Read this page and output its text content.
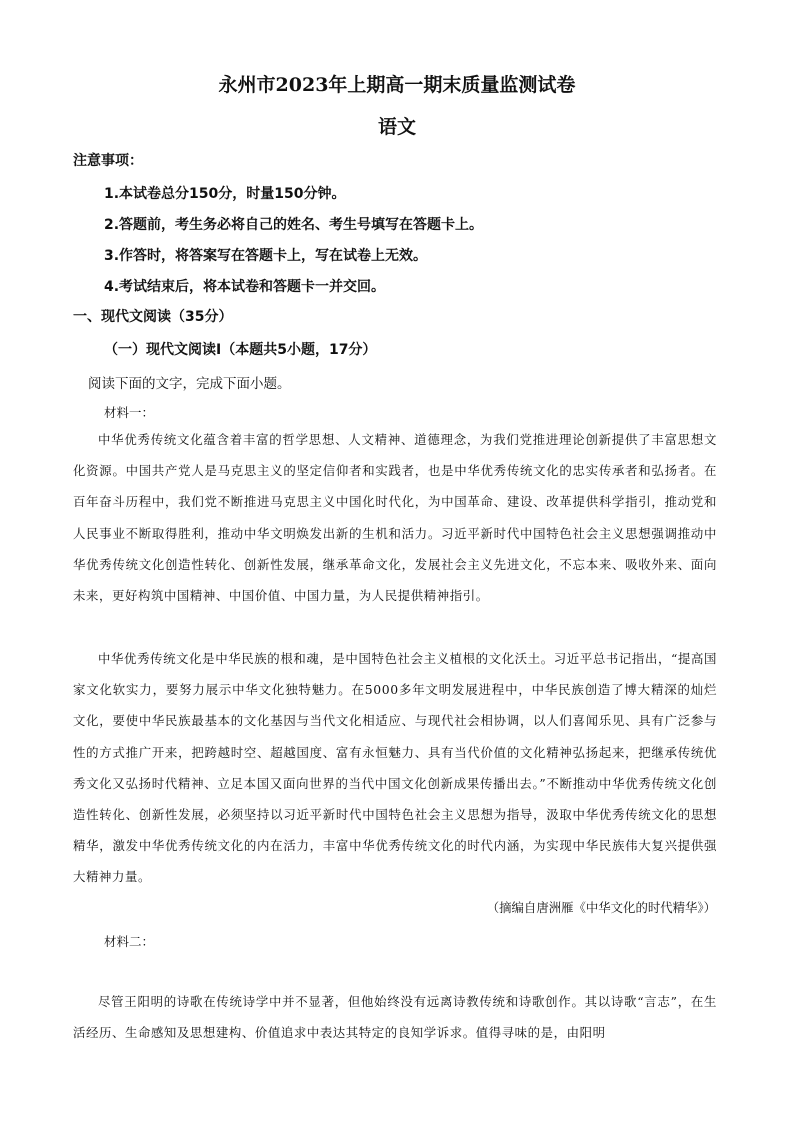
永州市2023年上期高一期末质量监测试卷
语文
注意事项：
1.本试卷总分150分，时量150分钟。
2.答题前，考生务必将自己的姓名、考生号填写在答题卡上。
3.作答时，将答案写在答题卡上，写在试卷上无效。
4.考试结束后，将本试卷和答题卡一并交回。
一、现代文阅读（35分）
（一）现代文阅读Ⅰ（本题共5小题，17分）
阅读下面的文字，完成下面小题。
材料一：

中华优秀传统文化蕴含着丰富的哲学思想、人文精神、道德理念，为我们党推进理论创新提供了丰富思想文化资源。中国共产党人是马克思主义的坚定信仰者和实践者，也是中华优秀传统文化的忠实传承者和弘扬者。在百年奋斗历程中，我们党不断推进马克思主义中国化时代化，为中国革命、建设、改革提供科学指引，推动党和人民事业不断取得胜利，推动中华文明焕发出新的生机和活力。习近平新时代中国特色社会主义思想强调推动中华优秀传统文化创造性转化、创新性发展，继承革命文化，发展社会主义先进文化，不忘本来、吸收外来、面向未来，更好构筑中国精神、中国价值、中国力量，为人民提供精神指引。

中华优秀传统文化是中华民族的根和魂，是中国特色社会主义植根的文化沃土。习近平总书记指出，“提高国家文化软实力，要努力展示中华文化独特魅力。在5000多年文明发展进程中，中华民族创造了博大精深的灿烂文化，要使中华民族最基本的文化基因与当代文化相适应、与现代社会相协调，以人们喜闻乐见、具有广泛参与性的方式推广开来，把跨越时空、超越国度、富有永恒魅力、具有当代价值的文化精神弘扬起来，把继承传统优秀文化又弘扬时代精神、立足本国又面向世界的当代中国文化创新成果传播出去。”不断推动中华优秀传统文化创造性转化、创新性发展，必须坚持以习近平新时代中国特色社会主义思想为指导，汲取中华优秀传统文化的思想精华，激发中华优秀传统文化的内在活力，丰富中华优秀传统文化的时代内涵，为实现中华民族伟大复兴提供强大精神力量。

（摘编自唐洲雁《中华文化的时代精华》）
材料二：

尽管王阳明的诗歌在传统诗学中并不显著，但他始终没有远离诗教传统和诗歌创作。其以诗歌“言志”，在生活经历、生命感知及思想建构、价值追求中表达其特定的良知学诉求。值得寻味的是，由阳明
